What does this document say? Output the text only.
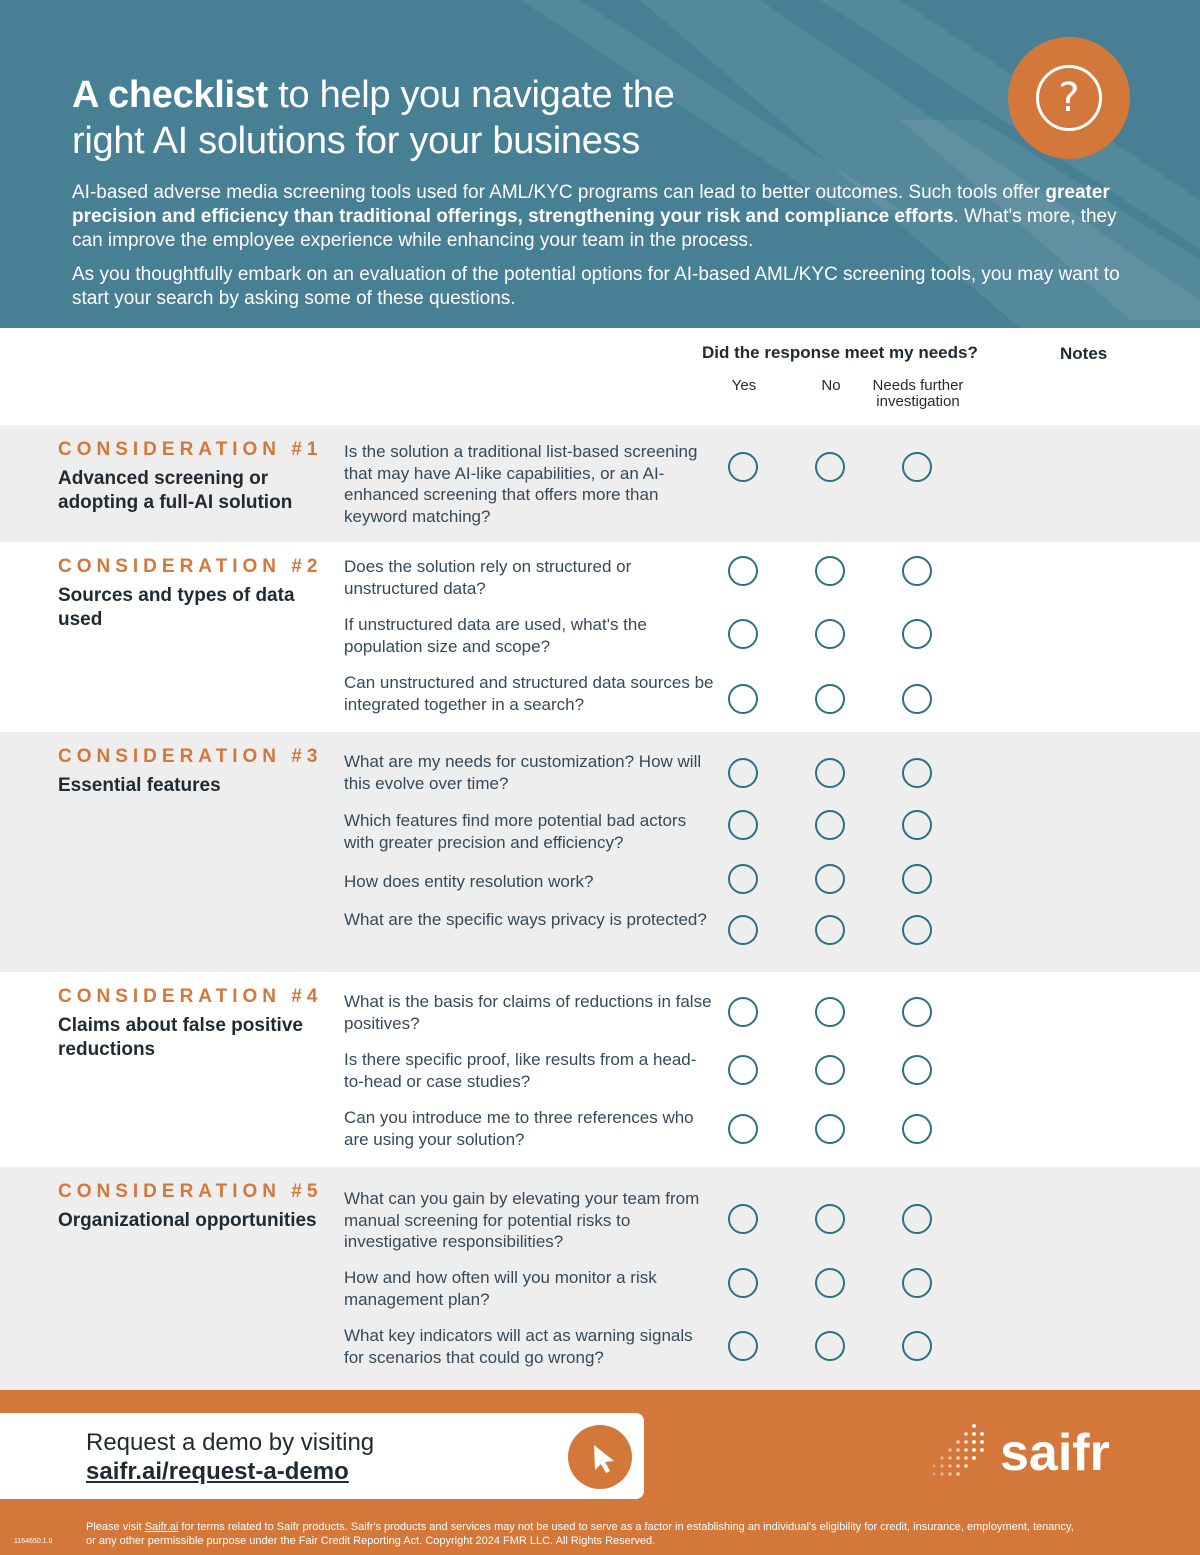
A checklist to help you navigate the
right AI solutions for your business
?

AI-based adverse media screening tools used for AML/KYC programs can lead to better outcomes. Such tools offer greater precision and efficiency than traditional offerings, strengthening your risk and compliance efforts. What's more, they can improve the employee experience while enhancing your team in the process.

As you thoughtfully embark on an evaluation of the potential options for AI-based AML/KYC screening tools, you may want to start your search by asking some of these questions.

Did the response meet my needs?	Notes
Yes	No	Needs further
investigation
CONSIDERATION #1
Advanced screening or adopting a full-AI solution
Is the solution a traditional list-based screening that may have AI-like capabilities, or an AI-enhanced screening that offers more than keyword matching?
CONSIDERATION #2
Sources and types of data used
Does the solution rely on structured or unstructured data?
If unstructured data are used, what's the population size and scope?
Can unstructured and structured data sources be integrated together in a search?
CONSIDERATION #3
Essential features
What are my needs for customization? How will this evolve over time?
Which features find more potential bad actors with greater precision and efficiency?
How does entity resolution work?
What are the specific ways privacy is protected?
CONSIDERATION #4
Claims about false positive reductions
What is the basis for claims of reductions in false positives?
Is there specific proof, like results from a head-to-head or case studies?
Can you introduce me to three references who are using your solution?
CONSIDERATION #5
Organizational opportunities
What can you gain by elevating your team from manual screening for potential risks to investigative responsibilities?
How and how often will you monitor a risk management plan?
What key indicators will act as warning signals for scenarios that could go wrong?
Request a demo by visiting
saifr.ai/request-a-demo	saifr
Please visit Saifr.ai for terms related to Saifr products. Saifr's products and services may not be used to serve as a factor in establishing an individual's eligibility for credit, insurance, employment, tenancy, or any other permissible purpose under the Fair Credit Reporting Act. Copyright 2024 FMR LLC. All Rights Reserved.
1164650.1.0
